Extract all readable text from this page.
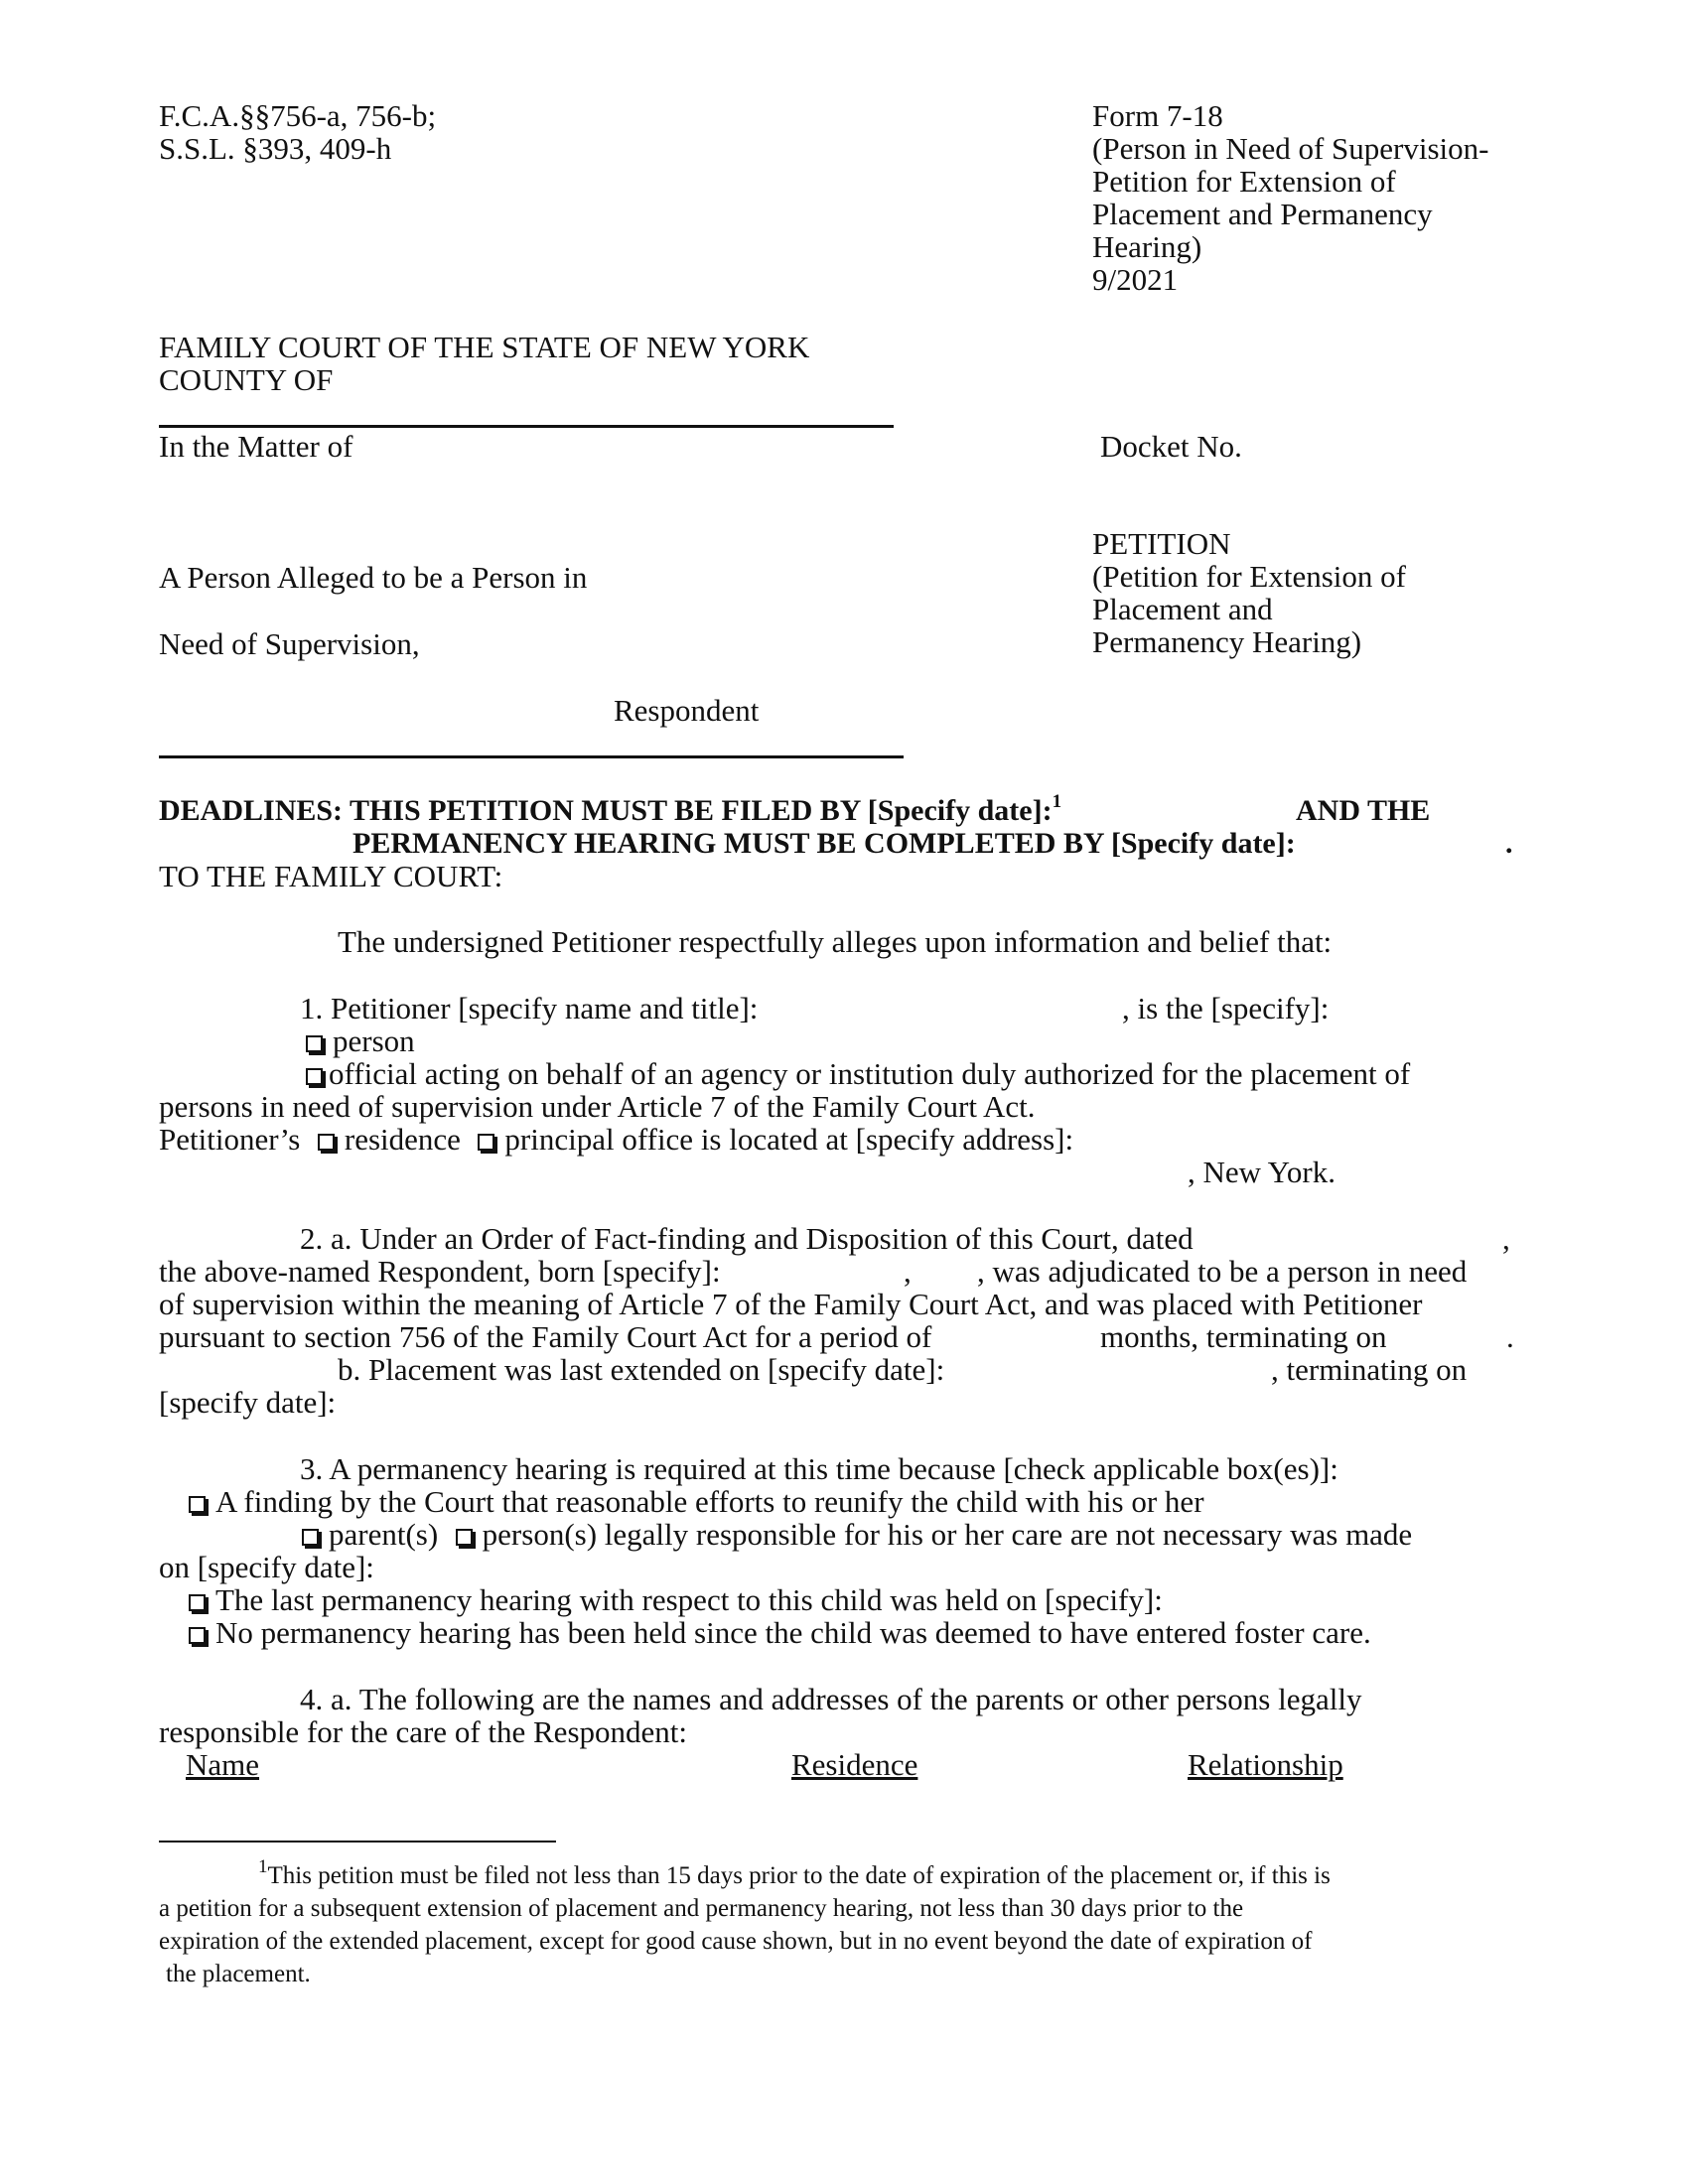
F.C.A.§§756-a, 756-b;
S.S.L. §393, 409-h
Form 7-18
(Person in Need of Supervision-
Petition for Extension of
Placement and Permanency
Hearing)
9/2021
FAMILY COURT OF THE STATE OF NEW YORK
COUNTY OF
In the Matter of	Docket No.
PETITION
(Petition for Extension of
Placement and
Permanency Hearing)
A Person Alleged to be a Person in
Need of Supervision,
Respondent
DEADLINES: THIS PETITION MUST BE FILED BY [Specify date]:$^1$	AND THE
PERMANENCY HEARING MUST BE COMPLETED BY [Specify date]:	.
TO THE FAMILY COURT:
The undersigned Petitioner respectfully alleges upon information and belief that:
1. Petitioner [specify name and title]:	, is the [specify]:
person
official acting on behalf of an agency or institution duly authorized for the placement of
persons in need of supervision under Article 7 of the Family Court Act.
Petitioner’s residence principal office is located at [specify address]:
, New York.
2. a. Under an Order of Fact-finding and Disposition of this Court, dated	,
the above-named Respondent, born [specify]:	, , was adjudicated to be a person in need
of supervision within the meaning of Article 7 of the Family Court Act, and was placed with Petitioner
pursuant to section 756 of the Family Court Act for a period of	months, terminating on	.
b. Placement was last extended on [specify date]:	, terminating on
[specify date]:
3. A permanency hearing is required at this time because [check applicable box(es)]:
A finding by the Court that reasonable efforts to reunify the child with his or her
parent(s) person(s) legally responsible for his or her care are not necessary was made
on [specify date]:
The last permanency hearing with respect to this child was held on [specify]:
No permanency hearing has been held since the child was deemed to have entered foster care.
4. a. The following are the names and addresses of the parents or other persons legally
responsible for the care of the Respondent:
Name	Residence	Relationship
$^1$This petition must be filed not less than 15 days prior to the date of expiration of the placement or, if this is
a petition for a subsequent extension of placement and permanency hearing, not less than 30 days prior to the
expiration of the extended placement, except for good cause shown, but in no event beyond the date of expiration of
the placement.
